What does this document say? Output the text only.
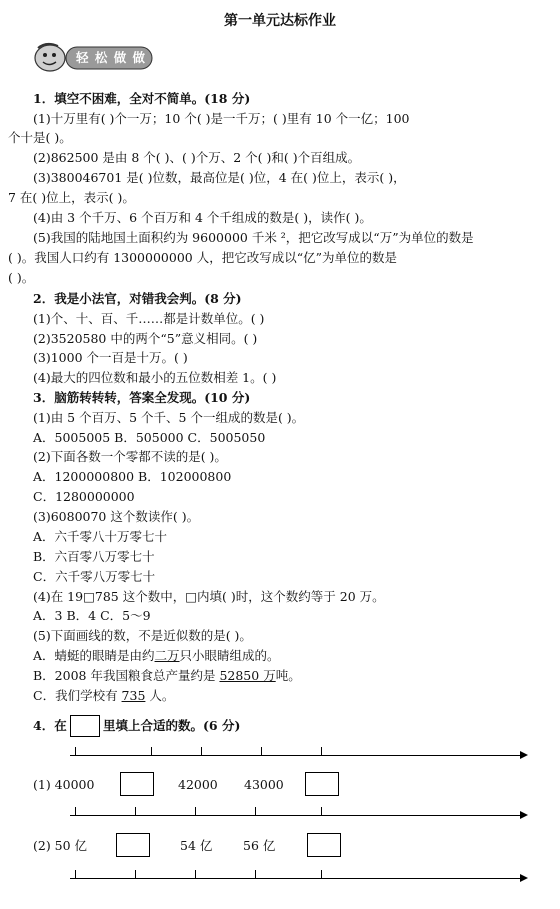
第一单元达标作业
轻 松 做 做
1．填空不困难，全对不简单。(18 分)
(1)十万里有( )个一万；10 个( )是一千万；( )里有 10 个一亿；100
个十是( )。
(2)862500 是由 8 个( )、( )个万、2 个( )和( )个百组成。
(3)380046701 是( )位数，最高位是( )位，4 在( )位上，表示( )，
7 在( )位上，表示( )。
(4)由 3 个千万、6 个百万和 4 个千组成的数是( )，读作( )。
(5)我国的陆地国土面积约为 9600000 千米 ²，把它改写成以“万”为单位的数是
( )。我国人口约有 1300000000 人，把它改写成以“亿”为单位的数是
( )。
2．我是小法官，对错我会判。(8 分)
(1)个、十、百、千……都是计数单位。( )
(2)3520580 中的两个“5”意义相同。( )
(3)1000 个一百是十万。( )
(4)最大的四位数和最小的五位数相差 1。( )
3．脑筋转转转，答案全发现。(10 分)
(1)由 5 个百万、5 个千、5 个一组成的数是( )。
A．5005005 B．505000 C．5005050
(2)下面各数一个零都不读的是( )。
A．1200000800 B．102000800
C．1280000000
(3)6080070 这个数读作( )。
A．六千零八十万零七十
B．六百零八万零七十
C．六千零八万零七十
(4)在 19□785 这个数中，□内填( )时，这个数约等于 20 万。
A．3 B．4 C．5～9
(5)下面画线的数，不是近似数的是( )。
A．蜻蜓的眼睛是由约二万只小眼睛组成的。
B．2008 年我国粮食总产量约是 52850 万吨。
C．我们学校有 735 人。
4．在	里填上合适的数。(6 分)
(1) 40000	42000 43000
(2) 50 亿	54 亿 56 亿
